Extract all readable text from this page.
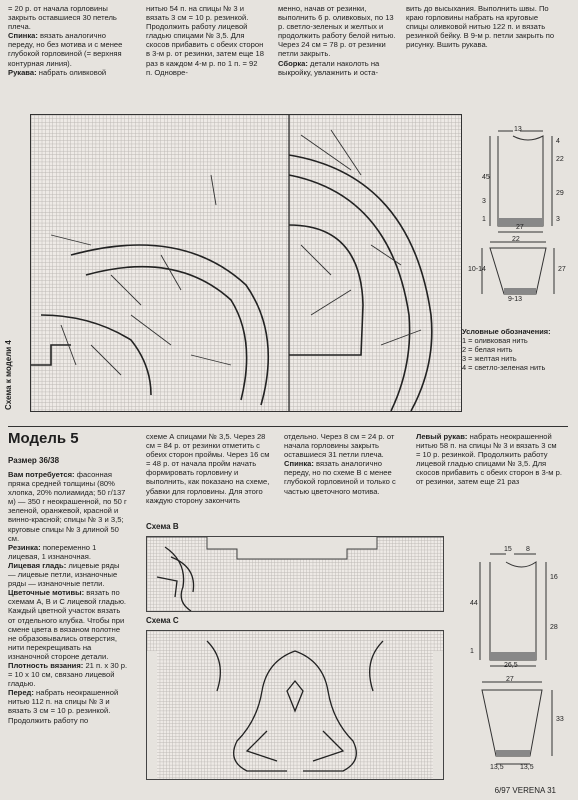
= 20 р. от начала горловины закрыть оставшиеся 30 петель плеча.

Спинка: вязать аналогично переду, но без мотива и с менее глубокой горловиной (= верхняя контурная линия).

Рукава: набрать оливковой

нитью 54 п. на спицы № 3 и вязать 3 см = 10 р. резинкой. Продолжить работу лицевой гладью спицами № 3,5. Для скосов прибавить с обеих сторон в 3-м р. от резинки, затем еще 18 раз в каждом 4-м р. по 1 п. = 92 п. Одновре-

менно, начав от резинки, выполнить 6 р. оливковых, по 13 р. светло-зеленых и желтых и продолжить работу белой нитью. Через 24 см = 78 р. от резинки петли закрыть.

Сборка: детали наколоть на выкройку, увлажнить и оста-

вить до высыхания. Выполнить швы. По краю горловины набрать на круговые спицы оливковой нитью 122 п. и вязать резинкой бейку. В 9-м р. петли закрыть по рисунку. Вшить рукава.

Схема к модели 4
13
4
22
45
3
29
3
1
27
22
10-14	27
9-13
Условные обозначения:
1 = оливковая нить
2 = белая нить
3 = желтая нить
4 = светло-зеленая нить
Модель 5
Размер 36/38

Вам потребуется: фасонная пряжа средней толщины (80% хлопка, 20% полиамида; 50 г/137 м) — 350 г неокрашенной, по 50 г зеленой, оранжевой, красной и винно-красной; спицы № 3 и 3,5; круговые спицы № 3 длиной 50 см.

Резинка: попеременно 1 лицевая, 1 изнаночная.

Лицевая гладь: лицевые ряды — лицевые петли, изнаночные ряды — изнаночные петли.

Цветочные мотивы: вязать по схемам А, В и С лицевой гладью. Каждый цветной участок вязать от отдельного клубка. Чтобы при смене цвета в вязаном полотне не образовывались отверстия, нити перекрещивать на изнаночной стороне детали.

Плотность вязания: 21 п. x 30 р. = 10 x 10 см, связано лицевой гладью.

Перед: набрать неокрашенной нитью 112 п. на спицы № 3 и вязать 3 см = 10 р. резинкой. Продолжить работу по

схеме А спицами № 3,5. Через 28 см = 84 р. от резинки отметить с обеих сторон проймы. Через 16 см = 48 р. от начала пройм начать формировать горловину и выполнить, как показано на схеме, убавки для горловины. Для этого каждую сторону закончить

отдельно. Через 8 см = 24 р. от начала горловины закрыть оставшиеся 31 петли плеча.

Спинка: вязать аналогично переду, но по схеме В с менее глубокой горловиной и только с частью цветочного мотива.

Левый рукав: набрать неокрашенной нитью 58 п. на спицы № 3 и вязать 3 см = 10 р. резинкой. Продолжить работу лицевой гладью спицами № 3,5. Для скосов прибавить с обеих сторон в 3-м р. от резинки, затем еще 21 раз

Схема В
Схема С
15 8
16
44
28
1
26,5
27
33
13,5 13,5
6/97 VERENA 31
